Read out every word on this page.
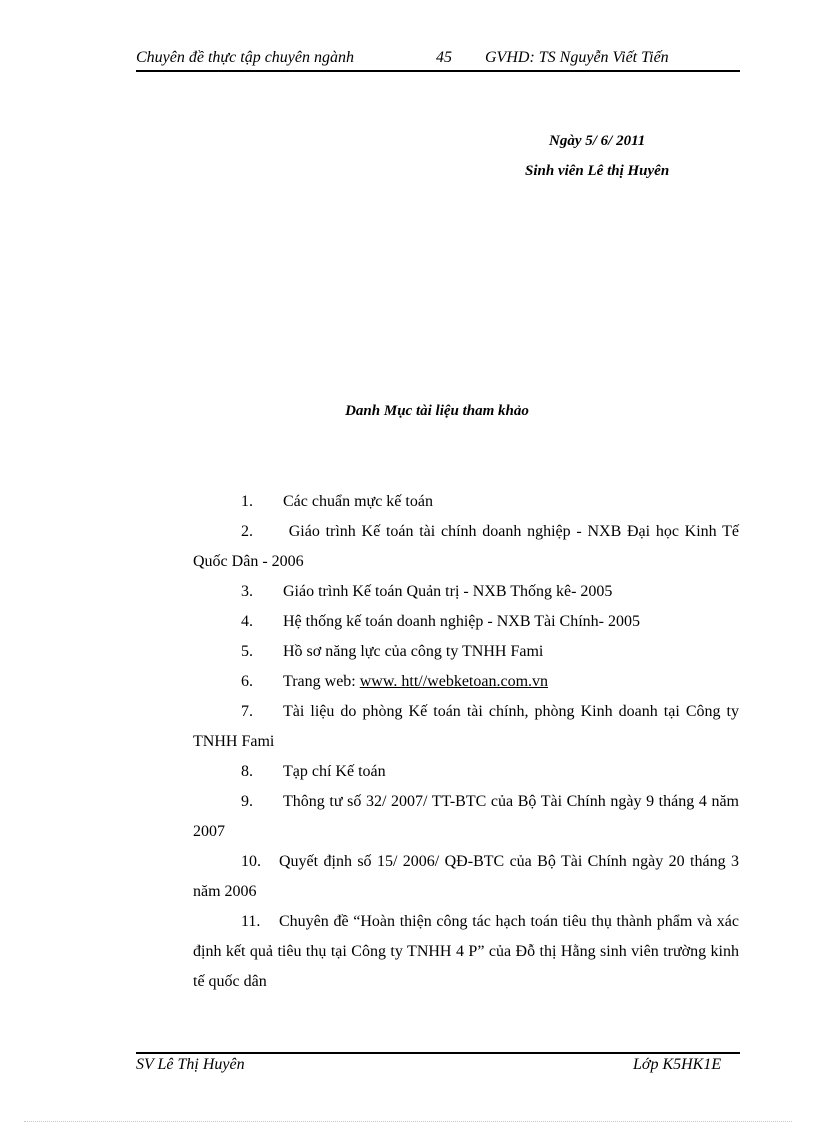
Chuyên đề thực tập chuyên ngành	45 GVHD: TS Nguyễn Viết Tiến
Ngày 5/ 6/ 2011
Sinh viên Lê thị Huyên
Danh Mục tài liệu tham khảo
1. Các chuẩn mực kế toán
2. Giáo trình Kế toán tài chính doanh nghiệp - NXB Đại học Kinh Tế Quốc Dân - 2006
3. Giáo trình Kế toán Quản trị - NXB Thống kê- 2005
4. Hệ thống kế toán doanh nghiệp - NXB Tài Chính- 2005
5. Hồ sơ năng lực của công ty TNHH Fami
6. Trang web: www. htt//webketoan.com.vn
7. Tài liệu do phòng Kế toán tài chính, phòng Kinh doanh tại Công ty TNHH Fami
8. Tạp chí Kế toán
9. Thông tư số 32/ 2007/ TT-BTC của Bộ Tài Chính ngày 9 tháng 4 năm 2007
10. Quyết định số 15/ 2006/ QĐ-BTC của Bộ Tài Chính ngày 20 tháng 3 năm 2006
11. Chuyên đề “Hoàn thiện công tác hạch toán tiêu thụ thành phẩm và xác định kết quả tiêu thụ tại Công ty TNHH 4 P” của Đỗ thị Hằng sinh viên trường kinh tế quốc dân
SV Lê Thị Huyên	Lớp K5HK1E
